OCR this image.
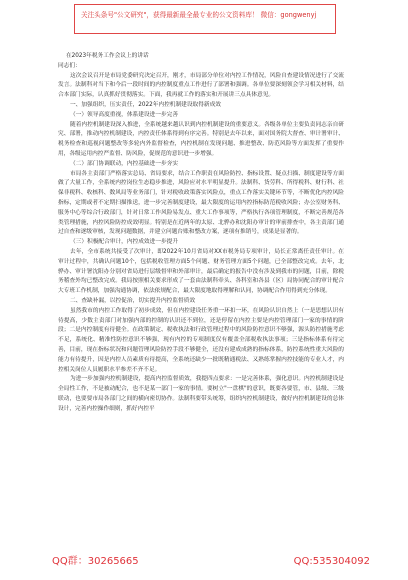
关注头条号"公文研究"，获得最新最全最专业的公文资料库！ 微信：gongwenyj

在2023年税务工作会议上的讲话

同志们：

这次会议召开是市局党委研究决定召开，刚才，市局部分单位对内控工作情况，风险自查建设情况进行了交流发言。法制科对当下和今后一段时间的内控制度重点工作进行了部署和强调。各单位要深刻领会学习相关材料，结合本部门实际，认真抓好贯彻落实。下面，我再就工作的落实和开展讲三点具体意见。

一、加强组织，压实责任，2022年内控机制建设取得新成效

（一）领导高度重视，体系建设进一步完善

随着内控机制建设深入推进，全系统越来越认识到内控机制建设的重要意义。各级各单位主要负责同志亲自研究、部署，推动内控机制建设，内控责任体系得到有序完善。特别是去年以来，面对国务院大督查、审计署审计、税务检查和巡视问题整改等多轮内外监督检查，内控机制在发现问题、推进整改、防范风险等方面发挥了重要作用，各级运用内控严监督、防风险，促规范的意识进一步增强。

（二）部门协调联动，内控基础进一步夯实

市局各主责部门严格落实总局、省局要求，结合工作职责在风险防控、指标设置、疑点扫描、制度建设等方面做了大量工作，全系统内控岗位生态稳步推进，风险应对水平明显提升。法制科、货劳科、所得税科、财行科、社保非税科、收核科、数风局等业务部门，针对税收政策落实风险点，重点工作落实关键环节等，不断优化内控风险指标，定期或者不定期扫描推送，进一步完善制度建设，最大限度的运用内控指标防范税收风险；办公室财务科、服务中心等综合行政部门，针对日常工作风险易发点、重大工作事项等，严格执行各项管理制度，不断完善规范各类管理措施，内控风险防控成效明显。特别是在近两年的太原、北骅办和沈阳办审计的审前排查中，各主责部门通过自查和逐级审核，发现问题数据，并建立问题台账和整改方案，逐项有推销号，成果是显著的。

（三）积极配合审计，内控成效进一步提升

去年，全市系统共接受了次审计，即2022年10月省局对XX市税务局专项审计，局长正常离任责任审计。在审计过程中，共确认问题10个，包括税收管理方面5个问题、财务管理方面5个问题，已全部整改完成。去年，北骅办、审计署沈阳办分别对省局进行层级督审和外部审计，最后确定的报告中没有涉及到我市的问题，目前，除税务稽查外均已整改完成。我局按照相关要求形成了一套由法制科牵头、各科室和各县（区）局协同配合的审计配合大专班工作机制，加强沟通协调，依法依规配合，最大限度地取得理解和认同，协调配合作用得到充分体现。

二、查缺补漏，以控促治，切实提升内控监督质效

虽然我市的内控工作取得了初步成效，但在内控建设任务重一环扣一环，在风险认识自然上（一是思想认识有待提高，少数主责部门对加强内部的控制的认识还不到位，还是停留在内控主要是内控管理部门一家的事情的阶段；二是内控制度有待健全。在政策制定、税收执法和行政管理过程中的风险防控意识不够强，源头防控措施考虑不足，系统化、精准性防控意识不够强，现有内控的专项制度仅有覆盖全部税收执法事项；三是指标体系有待完善，目前，现在指标状况和问题管理风险防控手段不够健全，还没有建成成熟的指标体系，防控系统性重大风险的能力有待提升，因是内控人员素质有待提高，全系统还缺少一批既精通税法、又熟练掌握内控技能的专业人才，内控相关岗位人员履职水平参差不齐不足。

为进一步加强内控机制建设，提高内控监督质效，我提四点要求：一是完善体系，强化意识。内控机制建设是全局性工作，不是被动配合，也不是某一部门一家的事情。要树立"一盘棋"的意识，既要各要管，市、县级、三级联动，也要要市局各部门之间的横向密切协作。法制科要带头统筹，组织内控机制建设，做好内控机制建设的总体设计，完善内控操作细则，抓好内控平

QQ群：30265665	QQ:535304092
